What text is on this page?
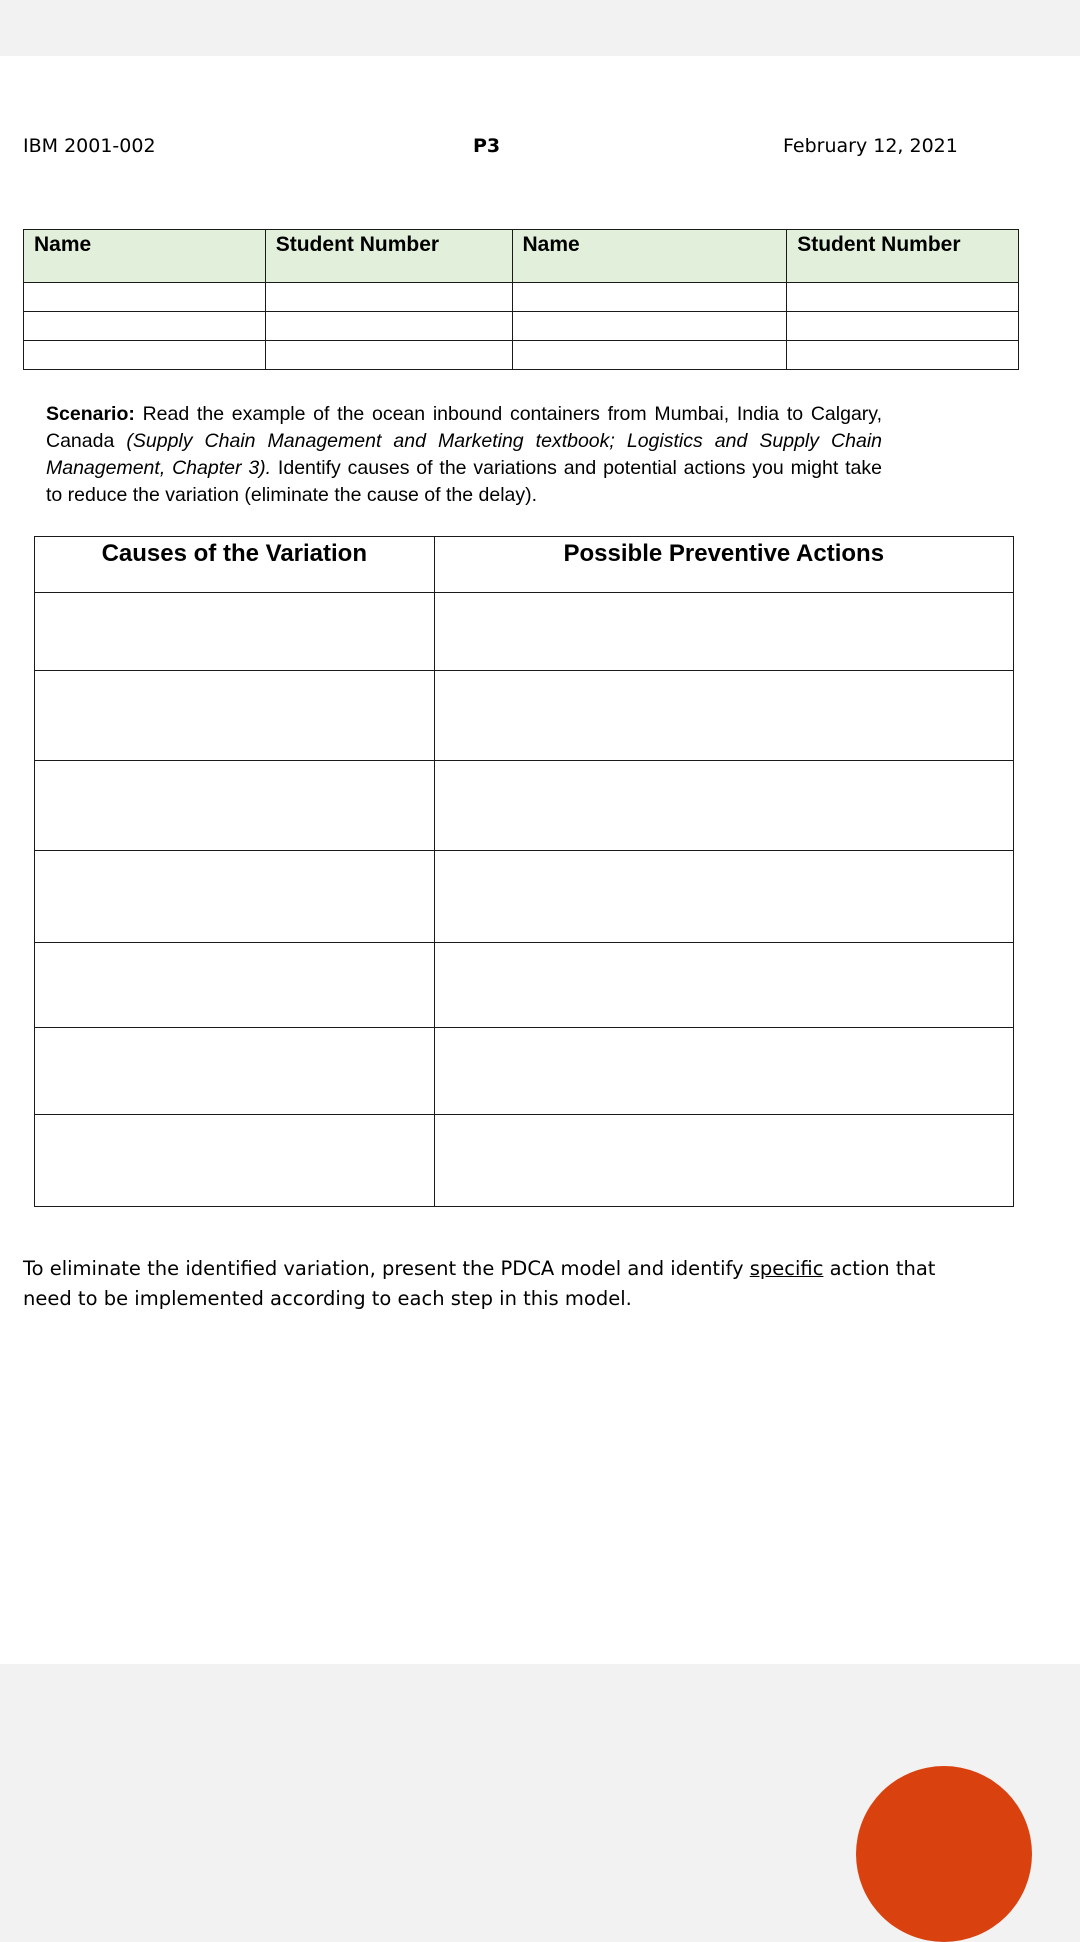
IBM 2001-002	P3	February 12, 2021
Name	Student Number	Name	Student Number

Scenario: Read the example of the ocean inbound containers from Mumbai, India to Calgary, Canada (Supply Chain Management and Marketing textbook; Logistics and Supply Chain Management, Chapter 3). Identify causes of the variations and potential actions you might take to reduce the variation (eliminate the cause of the delay).

Causes of the Variation	Possible Preventive Actions

To eliminate the identified variation, present the PDCA model and identify specific action that need to be implemented according to each step in this model.
